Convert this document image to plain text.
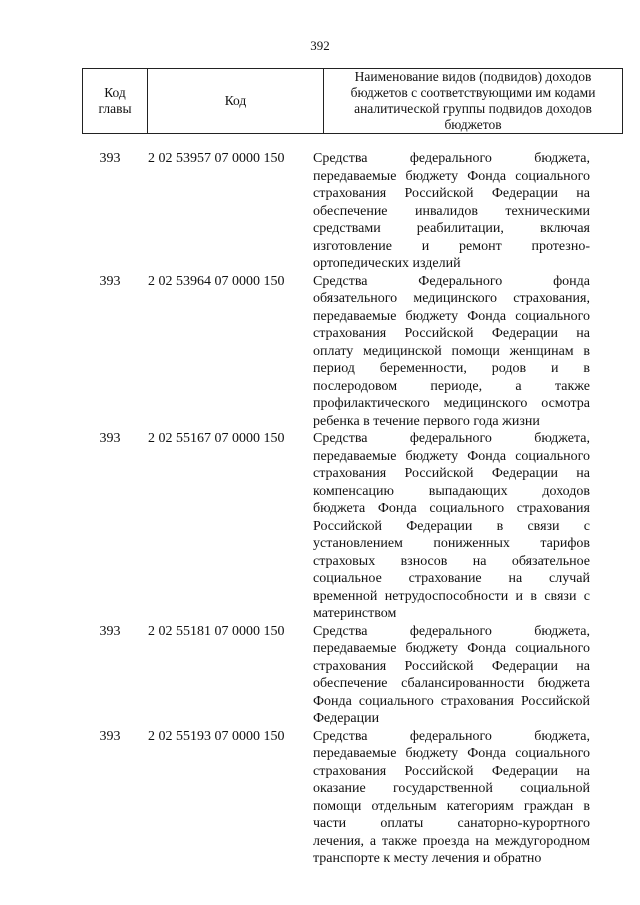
392
Код главы	Код	Наименование видов (подвидов) доходов бюджетов с соответствующими им кодами аналитической группы подвидов доходов бюджетов
393	2 02 53957 07 0000 150	Средства федерального бюджета,
передаваемые бюджету Фонда социального
страхования Российской Федерации на
обеспечение инвалидов техническими
средствами реабилитации, включая
изготовление и ремонт протезно-
ортопедических изделий
393	2 02 53964 07 0000 150	Средства Федерального фонда
обязательного медицинского страхования,
передаваемые бюджету Фонда социального
страхования Российской Федерации на
оплату медицинской помощи женщинам в
период беременности, родов и в
послеродовом периоде, а также
профилактического медицинского осмотра
ребенка в течение первого года жизни
393	2 02 55167 07 0000 150	Средства федерального бюджета,
передаваемые бюджету Фонда социального
страхования Российской Федерации на
компенсацию выпадающих доходов
бюджета Фонда социального страхования
Российской Федерации в связи с
установлением пониженных тарифов
страховых взносов на обязательное
социальное страхование на случай
временной нетрудоспособности и в связи с
материнством
393	2 02 55181 07 0000 150	Средства федерального бюджета,
передаваемые бюджету Фонда социального
страхования Российской Федерации на
обеспечение сбалансированности бюджета
Фонда социального страхования Российской
Федерации
393	2 02 55193 07 0000 150	Средства федерального бюджета,
передаваемые бюджету Фонда социального
страхования Российской Федерации на
оказание государственной социальной
помощи отдельным категориям граждан в
части оплаты санаторно-курортного
лечения, а также проезда на междугородном
транспорте к месту лечения и обратно
